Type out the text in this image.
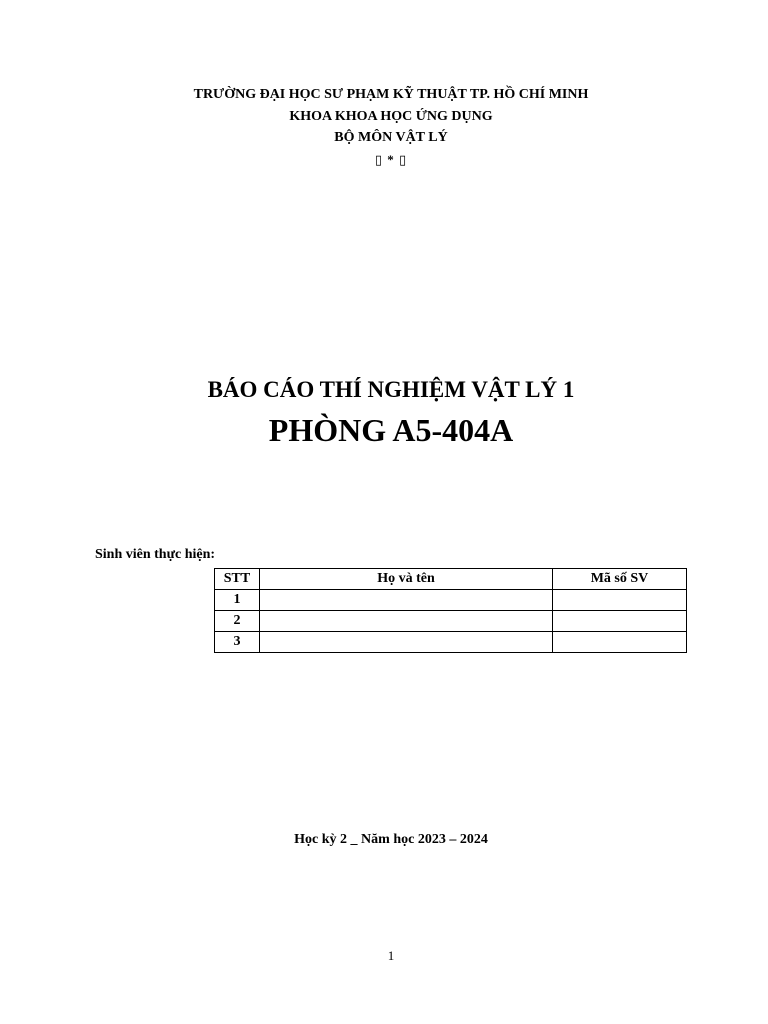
TRƯỜNG ĐẠI HỌC SƯ PHẠM KỸ THUẬT TP. HỒ CHÍ MINH
KHOA KHOA HỌC ỨNG DỤNG
BỘ MÔN VẬT LÝ
▯ * ▯
BÁO CÁO THÍ NGHIỆM VẬT LÝ 1
PHÒNG A5-404A
Sinh viên thực hiện:
STT	Họ và tên	Mã số SV
1		
2		
3		
Học kỳ 2 _ Năm học 2023 – 2024
1
